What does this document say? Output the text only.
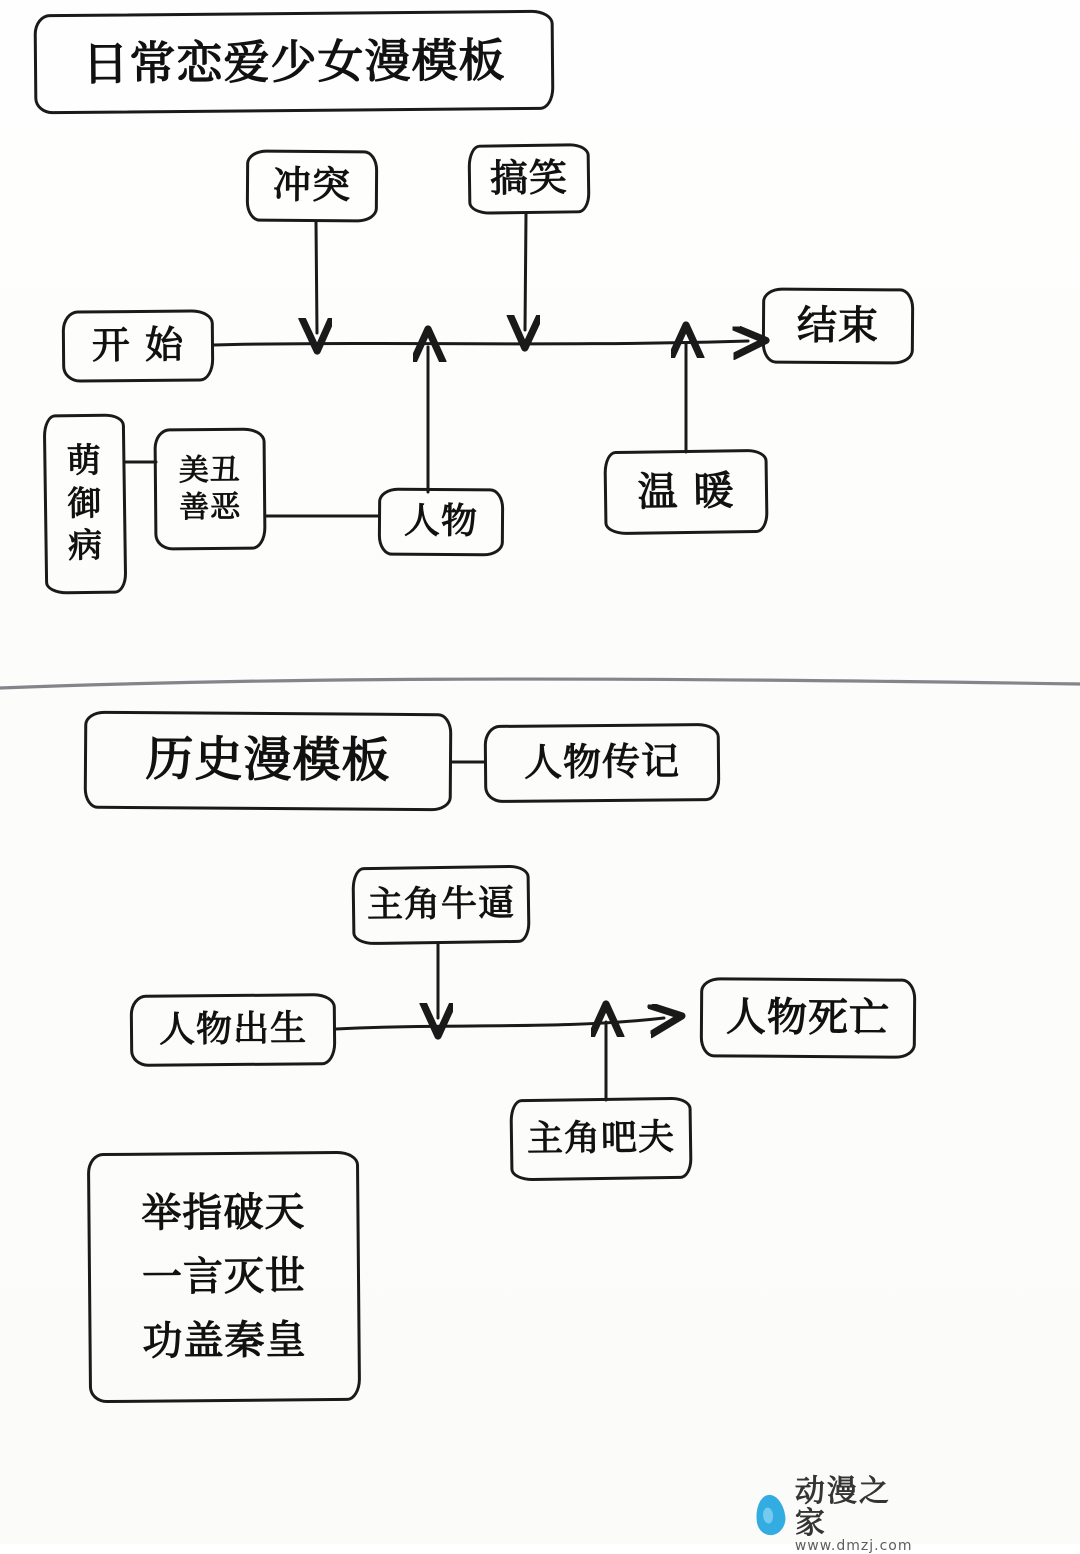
日常恋爱少女漫模板
冲突	搞笑
开 始	结束
萌
御
病
美丑
善恶	人物
温 暖
历史漫模板	人物传记
主角牛逼
人物出生	人物死亡
主角吧夫
举指破天
一言灭世
功盖秦皇
动漫之家
www.dmzj.com
